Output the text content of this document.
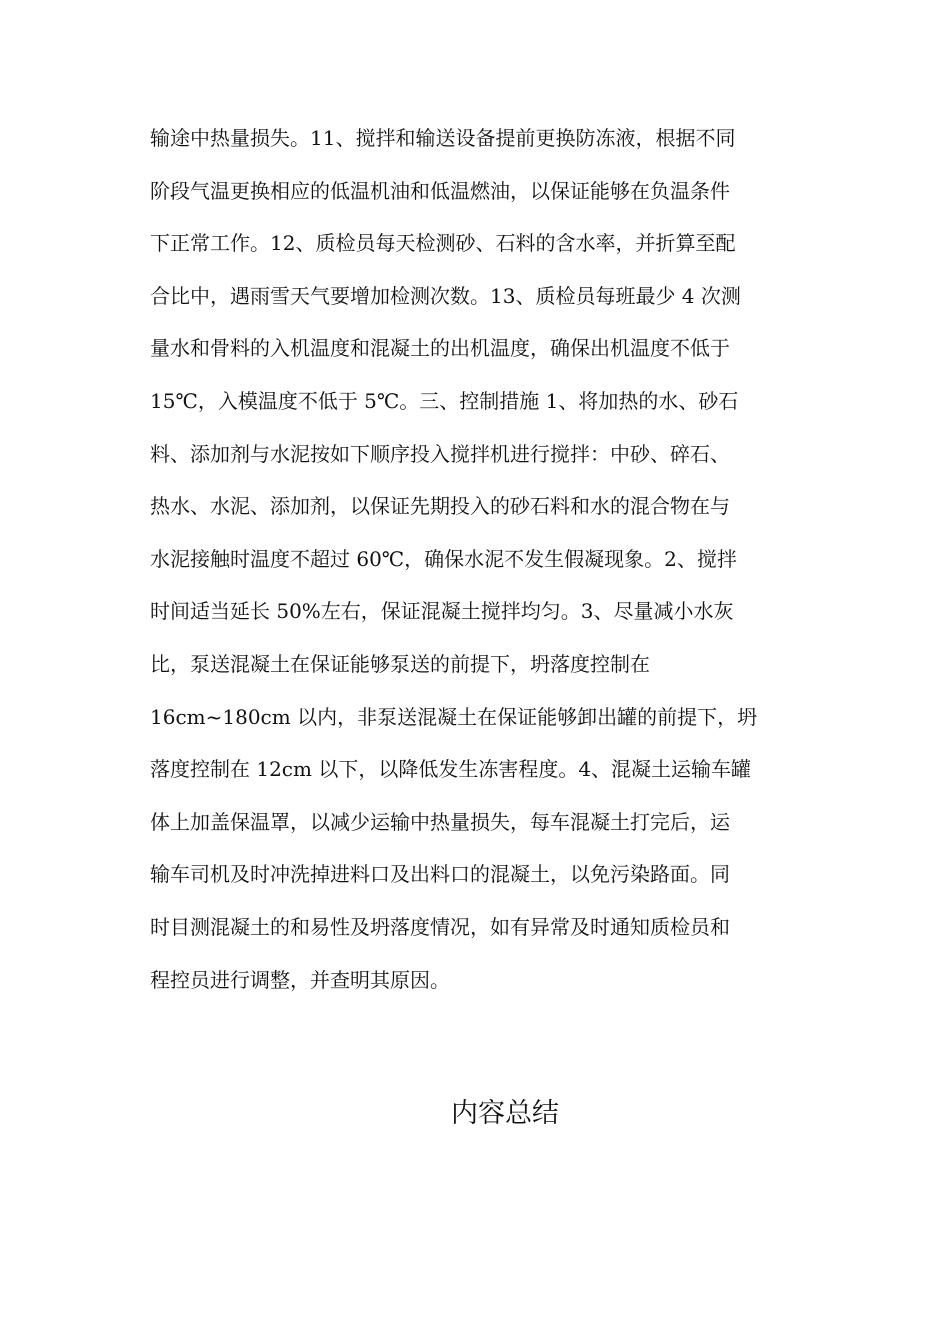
输途中热量损失。11、搅拌和输送设备提前更换防冻液，根据不同
阶段气温更换相应的低温机油和低温燃油，以保证能够在负温条件
下正常工作。12、质检员每天检测砂、石料的含水率，并折算至配
合比中，遇雨雪天气要增加检测次数。13、质检员每班最少 4 次测
量水和骨料的入机温度和混凝土的出机温度，确保出机温度不低于
15℃，入模温度不低于 5℃。三、控制措施 1、将加热的水、砂石
料、添加剂与水泥按如下顺序投入搅拌机进行搅拌：中砂、碎石、
热水、水泥、添加剂，以保证先期投入的砂石料和水的混合物在与
水泥接触时温度不超过 60℃，确保水泥不发生假凝现象。2、搅拌
时间适当延长 50%左右，保证混凝土搅拌均匀。3、尽量减小水灰
比，泵送混凝土在保证能够泵送的前提下，坍落度控制在
16cm~180cm 以内，非泵送混凝土在保证能够卸出罐的前提下，坍
落度控制在 12cm 以下，以降低发生冻害程度。4、混凝土运输车罐
体上加盖保温罩，以减少运输中热量损失，每车混凝土打完后，运
输车司机及时冲洗掉进料口及出料口的混凝土，以免污染路面。同
时目测混凝土的和易性及坍落度情况，如有异常及时通知质检员和
程控员进行调整，并查明其原因。
内容总结
